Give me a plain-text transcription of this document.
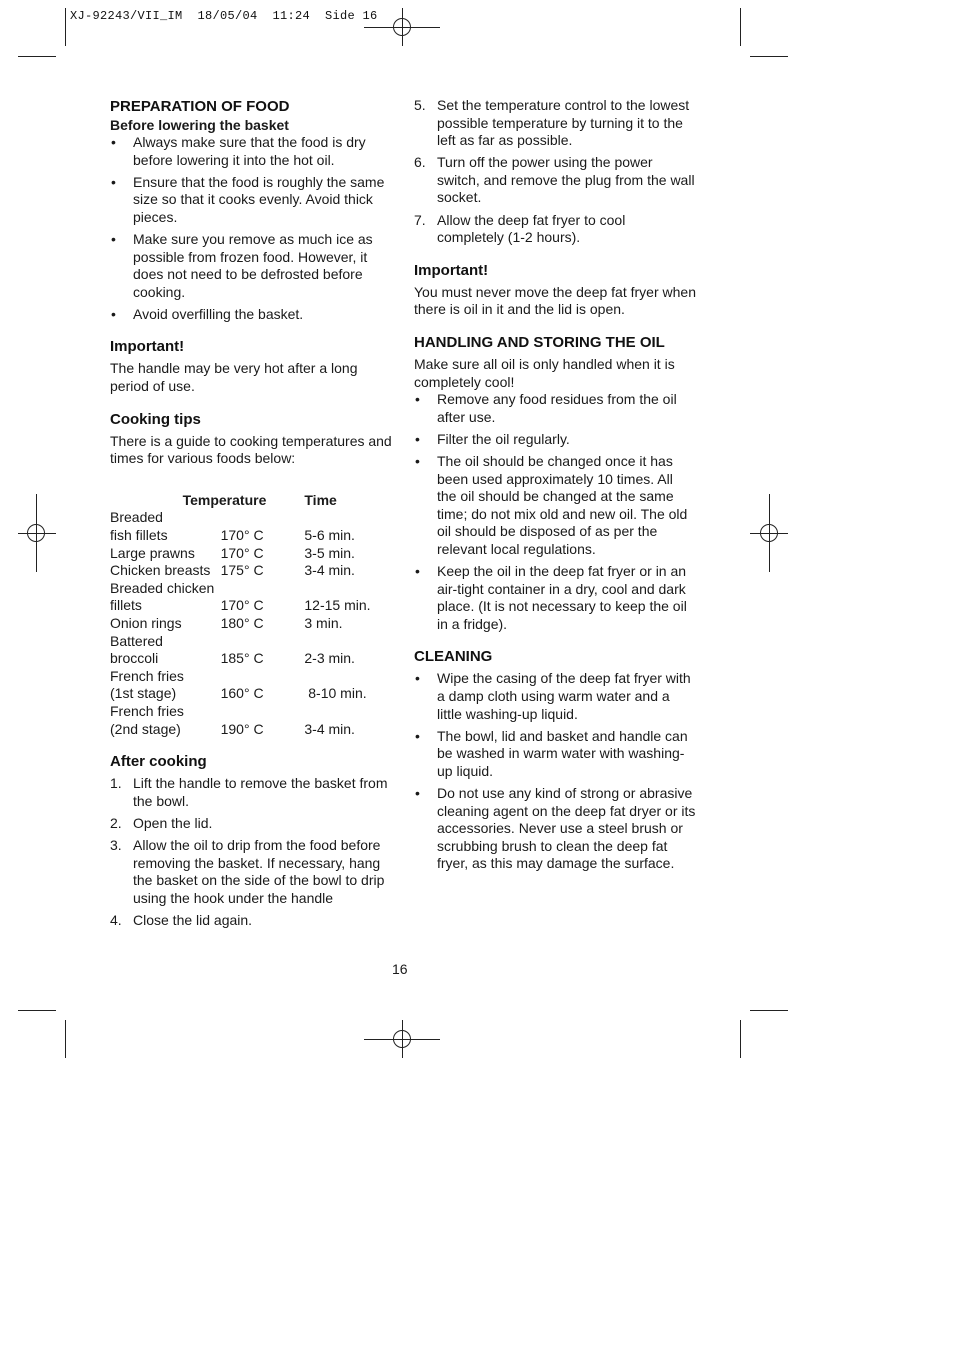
XJ-92243/VII_IM  18/05/04  11:24  Side 16
PREPARATION OF FOOD
Before lowering the basket
• Always make sure that the food is dry before lowering it into the hot oil.
• Ensure that the food is roughly the same size so that it cooks evenly. Avoid thick pieces.
• Make sure you remove as much ice as possible from frozen food. However, it does not need to be defrosted before cooking.
• Avoid overfilling the basket.
Important!

The handle may be very hot after a long period of use.

Cooking tips

There is a guide to cooking temperatures and times for various foods below:

	Temperature	Time
Breaded		
fish fillets	170° C	5-6 min.
Large prawns	170° C	3-5 min.
Chicken breasts	175° C	3-4 min.
Breaded chicken		
fillets	170° C	12-15 min.
Onion rings	180° C	3 min.
Battered		
broccoli	185° C	2-3 min.
French fries		
(1st stage)	160° C	8-10 min.
French fries		
(2nd stage)	190° C	3-4 min.
After cooking
1. Lift the handle to remove the basket from the bowl.
2. Open the lid.
3. Allow the oil to drip from the food before removing the basket. If necessary, hang the basket on the side of the bowl to drip using the hook under the handle
4. Close the lid again.
5. Set the temperature control to the lowest possible temperature by turning it to the left as far as possible.
6. Turn off the power using the power switch, and remove the plug from the wall socket.
7. Allow the deep fat fryer to cool completely (1-2 hours).
Important!

You must never move the deep fat fryer when there is oil in it and the lid is open.

HANDLING AND STORING THE OIL

Make sure all oil is only handled when it is completely cool!

• Remove any food residues from the oil after use.
• Filter the oil regularly.
• The oil should be changed once it has been used approximately 10 times. All the oil should be changed at the same time; do not mix old and new oil. The old oil should be disposed of as per the relevant local regulations.
• Keep the oil in the deep fat fryer or in an air-tight container in a dry, cool and dark place. (It is not necessary to keep the oil in a fridge).
CLEANING
• Wipe the casing of the deep fat fryer with a damp cloth using warm water and a little washing-up liquid.
• The bowl, lid and basket and handle can be washed in warm water with washing-up liquid.
• Do not use any kind of strong or abrasive cleaning agent on the deep fat dryer or its accessories. Never use a steel brush or scrubbing brush to clean the deep fat fryer, as this may damage the surface.
16
